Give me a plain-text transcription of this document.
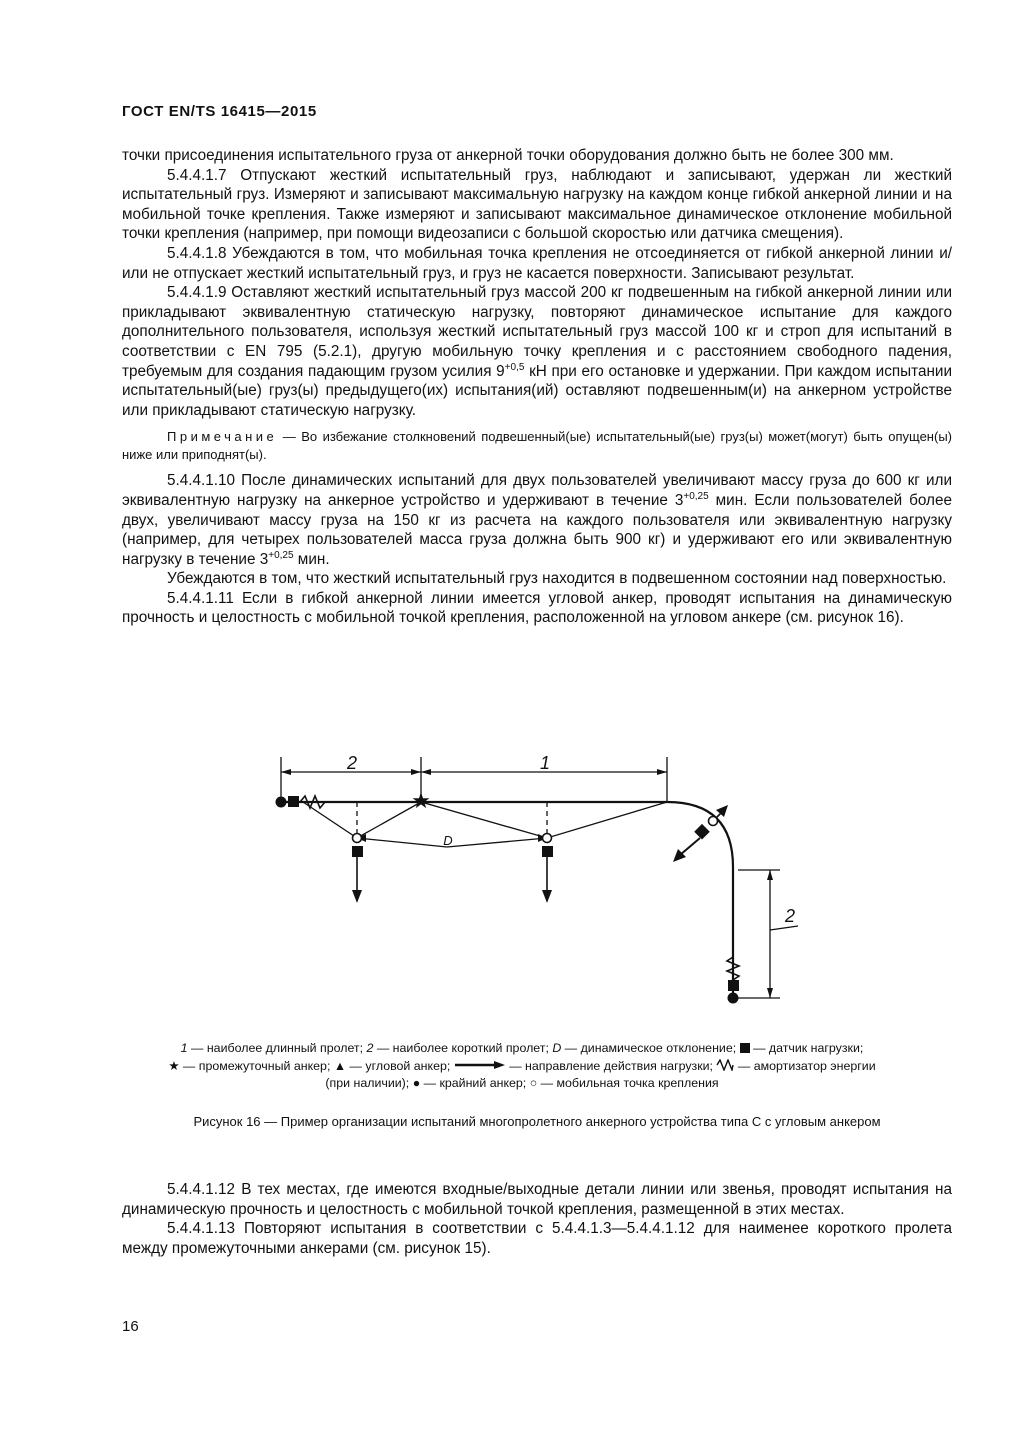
ГОСТ EN/TS 16415—2015

точки присоединения испытательного груза от анкерной точки оборудования должно быть не более 300 мм.

5.4.4.1.7 Отпускают жесткий испытательный груз, наблюдают и записывают, удержан ли жесткий испытательный груз. Измеряют и записывают максимальную нагрузку на каждом конце гибкой анкерной линии и на мобильной точке крепления. Также измеряют и записывают максимальное динамическое отклонение мобильной точки крепления (например, при помощи видеозаписи с большой скоростью или датчика смещения).

5.4.4.1.8 Убеждаются в том, что мобильная точка крепления не отсоединяется от гибкой анкерной линии и/или не отпускает жесткий испытательный груз, и груз не касается поверхности. Записывают результат.

5.4.4.1.9 Оставляют жесткий испытательный груз массой 200 кг подвешенным на гибкой анкерной линии или прикладывают эквивалентную статическую нагрузку, повторяют динамическое испытание для каждого дополнительного пользователя, используя жесткий испытательный груз массой 100 кг и строп для испытаний в соответствии с EN 795 (5.2.1), другую мобильную точку крепления и с расстоянием свободного падения, требуемым для создания падающим грузом усилия $9^{+0,5}$ кН при его остановке и удержании. При каждом испытании испытательный(ые) груз(ы) предыдущего(их) испытания(ий) оставляют подвешенным(и) на анкерном устройстве или прикладывают статическую нагрузку.

Примечание — Во избежание столкновений подвешенный(ые) испытательный(ые) груз(ы) может(могут) быть опущен(ы) ниже или приподнят(ы).

5.4.4.1.10 После динамических испытаний для двух пользователей увеличивают массу груза до 600 кг или эквивалентную нагрузку на анкерное устройство и удерживают в течение $3^{+0,25}$ мин. Если пользователей более двух, увеличивают массу груза на 150 кг из расчета на каждого пользователя или эквивалентную нагрузку (например, для четырех пользователей масса груза должна быть 900 кг) и удерживают его или эквивалентную нагрузку в течение $3^{+0,25}$ мин.

Убеждаются в том, что жесткий испытательный груз находится в подвешенном состоянии над поверхностью.

5.4.4.1.11 Если в гибкой анкерной линии имеется угловой анкер, проводят испытания на динамическую прочность и целостность с мобильной точкой крепления, расположенной на угловом анкере (см. рисунок 16).

★
2	1
D
2
1 — наиболее длинный пролет; 2 — наиболее короткий пролет; D — динамическое отклонение;  — датчик нагрузки;
★ — промежуточный анкер; ▲ — угловой анкер;	— направление действия нагрузки;  — амортизатор энергии
(при наличии); ● — крайний анкер; ○ — мобильная точка крепления
Рисунок 16 — Пример организации испытаний многопролетного анкерного устройства типа С с угловым анкером

5.4.4.1.12 В тех местах, где имеются входные/выходные детали линии или звенья, проводят испытания на динамическую прочность и целостность с мобильной точкой крепления, размещенной в этих местах.

5.4.4.1.13 Повторяют испытания в соответствии с 5.4.4.1.3—5.4.4.1.12 для наименее короткого пролета между промежуточными анкерами (см. рисунок 15).

16
